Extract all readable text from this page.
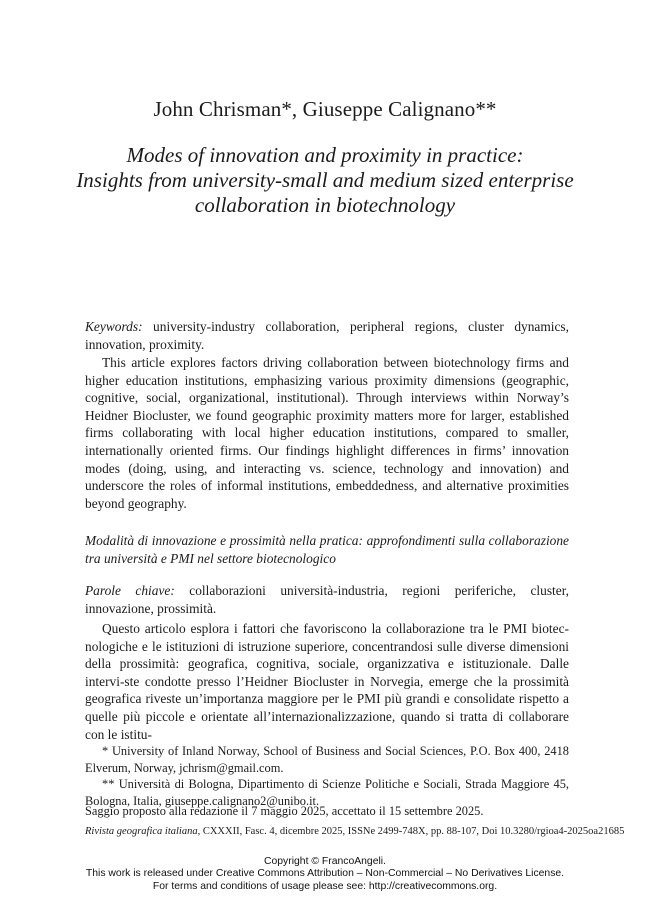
John Chrisman*, Giuseppe Calignano**
Modes of innovation and proximity in practice:
Insights from university-small and medium sized enterprise
collaboration in biotechnology
Keywords: university-industry collaboration, peripheral regions, cluster dynamics, innovation, proximity.

This article explores factors driving collaboration between biotechnology firms and higher education institutions, emphasizing various proximity dimensions (geographic, cognitive, social, organizational, institutional). Through interviews within Norway’s Heidner Biocluster, we found geographic proximity matters more for larger, established firms collaborating with local higher education institutions, compared to smaller, internationally oriented firms. Our findings highlight differences in firms’ innovation modes (doing, using, and interacting vs. science, technology and innovation) and underscore the roles of informal institutions, embeddedness, and alternative proximities beyond geography.

Modalità di innovazione e prossimità nella pratica: approfondimenti sulla collaborazione tra università e PMI nel settore biotecnologico
Parole chiave: collaborazioni università-industria, regioni periferiche, cluster, innovazione, prossimità.

Questo articolo esplora i fattori che favoriscono la collaborazione tra le PMI biotec-nologiche e le istituzioni di istruzione superiore, concentrandosi sulle diverse dimensioni della prossimità: geografica, cognitiva, sociale, organizzativa e istituzionale. Dalle intervi-ste condotte presso l’Heidner Biocluster in Norvegia, emerge che la prossimità geografica riveste un’importanza maggiore per le PMI più grandi e consolidate rispetto a quelle più piccole e orientate all’internazionalizzazione, quando si tratta di collaborare con le istitu-

* University of Inland Norway, School of Business and Social Sciences, P.O. Box 400, 2418 Elverum, Norway, jchrism@gmail.com.
** Università di Bologna, Dipartimento di Scienze Politiche e Sociali, Strada Maggiore 45, Bologna, Italia, giuseppe.calignano2@unibo.it.
Saggio proposto alla redazione il 7 maggio 2025, accettato il 15 settembre 2025.
Rivista geografica italiana, CXXXII, Fasc. 4, dicembre 2025, ISSNe 2499-748X, pp. 88-107, Doi 10.3280/rgioa4-2025oa21685
Copyright © FrancoAngeli.
This work is released under Creative Commons Attribution – Non-Commercial – No Derivatives License.
For terms and conditions of usage please see: http://creativecommons.org.
